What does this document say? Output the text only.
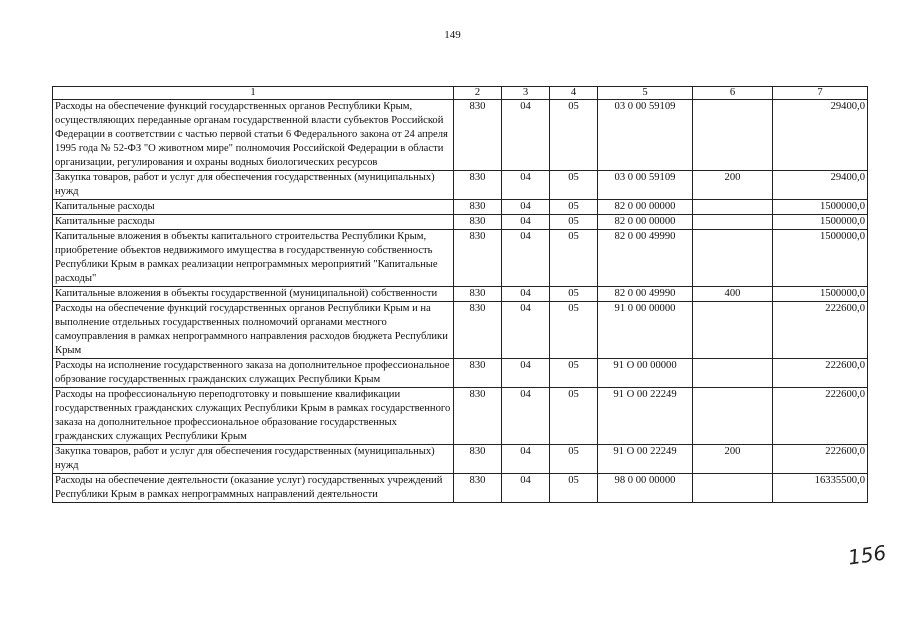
149
1	2	3	4	5	6	7
Расходы на обеспечение функций государственных органов Республики Крым, осуществляющих переданные органам государственной власти субъектов Российской Федерации в соответствии с частью первой статьи 6 Федерального закона от 24 апреля 1995 года № 52-ФЗ "О животном мире" полномочия Российской Федерации в области организации, регулирования и охраны водных биологических ресурсов	830	04	05	03 0 00 59109		29400,0
Закупка товаров, работ и услуг для обеспечения государственных (муниципальных) нужд	830	04	05	03 0 00 59109	200	29400,0
Капитальные расходы	830	04	05	82 0 00 00000		1500000,0
Капитальные расходы	830	04	05	82 0 00 00000		1500000,0
Капитальные вложения в объекты капитального строительства Республики Крым, приобретение объектов недвижимого имущества в государственную собственность Республики Крым в рамках реализации непрограммных мероприятий "Капитальные расходы"	830	04	05	82 0 00 49990		1500000,0
Капитальные вложения в объекты государственной (муниципальной) собственности	830	04	05	82 0 00 49990	400	1500000,0
Расходы на обеспечение функций государственных органов Республики Крым и на выполнение отдельных государственных полномочий органами местного самоуправления в рамках непрограммного направления расходов бюджета Республики Крым	830	04	05	91 0 00 00000		222600,0
Расходы на исполнение государственного заказа на дополнительное профессиональное обрзование государственных гражданских служащих Республики Крым	830	04	05	91 О 00 00000		222600,0
Расходы на профессиональную переподготовку и повышение квалификации государственных гражданских служащих Республики Крым в рамках государственного заказа на дополнительное профессиональное образование государственных гражданских служащих Республики Крым	830	04	05	91 О 00 22249		222600,0
Закупка товаров, работ и услуг для обеспечения государственных (муниципальных) нужд	830	04	05	91 О 00 22249	200	222600,0
Расходы на обеспечение деятельности (оказание услуг) государственных учреждений Республики Крым в рамках непрограммных направлений деятельности	830	04	05	98 0 00 00000		16335500,0
156
